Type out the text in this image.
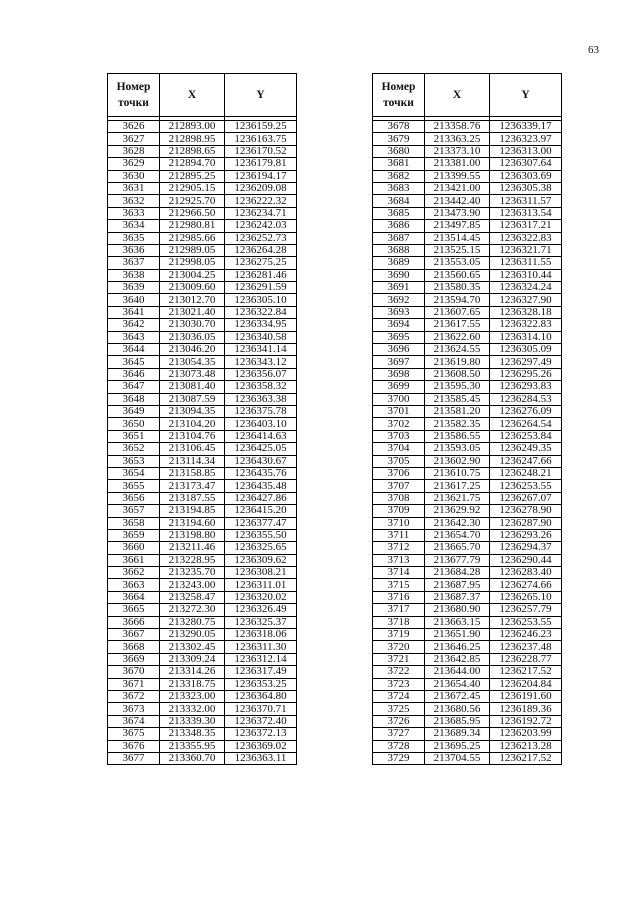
63
Номер точки	X	Y

3626	212893.00	1236159.25
3627	212898.95	1236163.75
3628	212898.65	1236170.52
3629	212894.70	1236179.81
3630	212895.25	1236194.17
3631	212905.15	1236209.08
3632	212925.70	1236222.32
3633	212966.50	1236234.71
3634	212980.81	1236242.03
3635	212985.66	1236252.73
3636	212989.05	1236264.28
3637	212998.05	1236275.25
3638	213004.25	1236281.46
3639	213009.60	1236291.59
3640	213012.70	1236305.10
3641	213021.40	1236322.84
3642	213030.70	1236334.95
3643	213036.05	1236340.58
3644	213046.20	1236341.14
3645	213054.35	1236343.12
3646	213073.48	1236356.07
3647	213081.40	1236358.32
3648	213087.59	1236363.38
3649	213094.35	1236375.78
3650	213104.20	1236403.10
3651	213104.76	1236414.63
3652	213106.45	1236425.05
3653	213114.34	1236430.67
3654	213158.85	1236435.76
3655	213173.47	1236435.48
3656	213187.55	1236427.86
3657	213194.85	1236415.20
3658	213194.60	1236377.47
3659	213198.80	1236355.50
3660	213211.46	1236325.65
3661	213228.95	1236309.62
3662	213235.70	1236308.21
3663	213243.00	1236311.01
3664	213258.47	1236320.02
3665	213272.30	1236326.49
3666	213280.75	1236325.37
3667	213290.05	1236318.06
3668	213302.45	1236311.30
3669	213309.24	1236312.14
3670	213314.26	1236317.49
3671	213318.75	1236353.25
3672	213323.00	1236364.80
3673	213332.00	1236370.71
3674	213339.30	1236372.40
3675	213348.35	1236372.13
3676	213355.95	1236369.02
3677	213360.70	1236363.11
Номер точки	X	Y

3678	213358.76	1236339.17
3679	213363.25	1236323.97
3680	213373.10	1236313.00
3681	213381.00	1236307.64
3682	213399.55	1236303.69
3683	213421.00	1236305.38
3684	213442.40	1236311.57
3685	213473.90	1236313.54
3686	213497.85	1236317.21
3687	213514.45	1236322.83
3688	213525.15	1236321.71
3689	213553.05	1236311.55
3690	213560.65	1236310.44
3691	213580.35	1236324.24
3692	213594.70	1236327.90
3693	213607.65	1236328.18
3694	213617.55	1236322.83
3695	213622.60	1236314.10
3696	213624.55	1236305.09
3697	213619.80	1236297.49
3698	213608.50	1236295.26
3699	213595.30	1236293.83
3700	213585.45	1236284.53
3701	213581.20	1236276.09
3702	213582.35	1236264.54
3703	213586.55	1236253.84
3704	213593.05	1236249.35
3705	213602.90	1236247.66
3706	213610.75	1236248.21
3707	213617.25	1236253.55
3708	213621.75	1236267.07
3709	213629.92	1236278.90
3710	213642.30	1236287.90
3711	213654.70	1236293.26
3712	213665.70	1236294.37
3713	213677.79	1236290.44
3714	213684.28	1236283.40
3715	213687.95	1236274.66
3716	213687.37	1236265.10
3717	213680.90	1236257.79
3718	213663.15	1236253.55
3719	213651.90	1236246.23
3720	213646.25	1236237.48
3721	213642.85	1236228.77
3722	213644.00	1236217.52
3723	213654.40	1236204.84
3724	213672.45	1236191.60
3725	213680.56	1236189.36
3726	213685.95	1236192.72
3727	213689.34	1236203.99
3728	213695.25	1236213.28
3729	213704.55	1236217.52
